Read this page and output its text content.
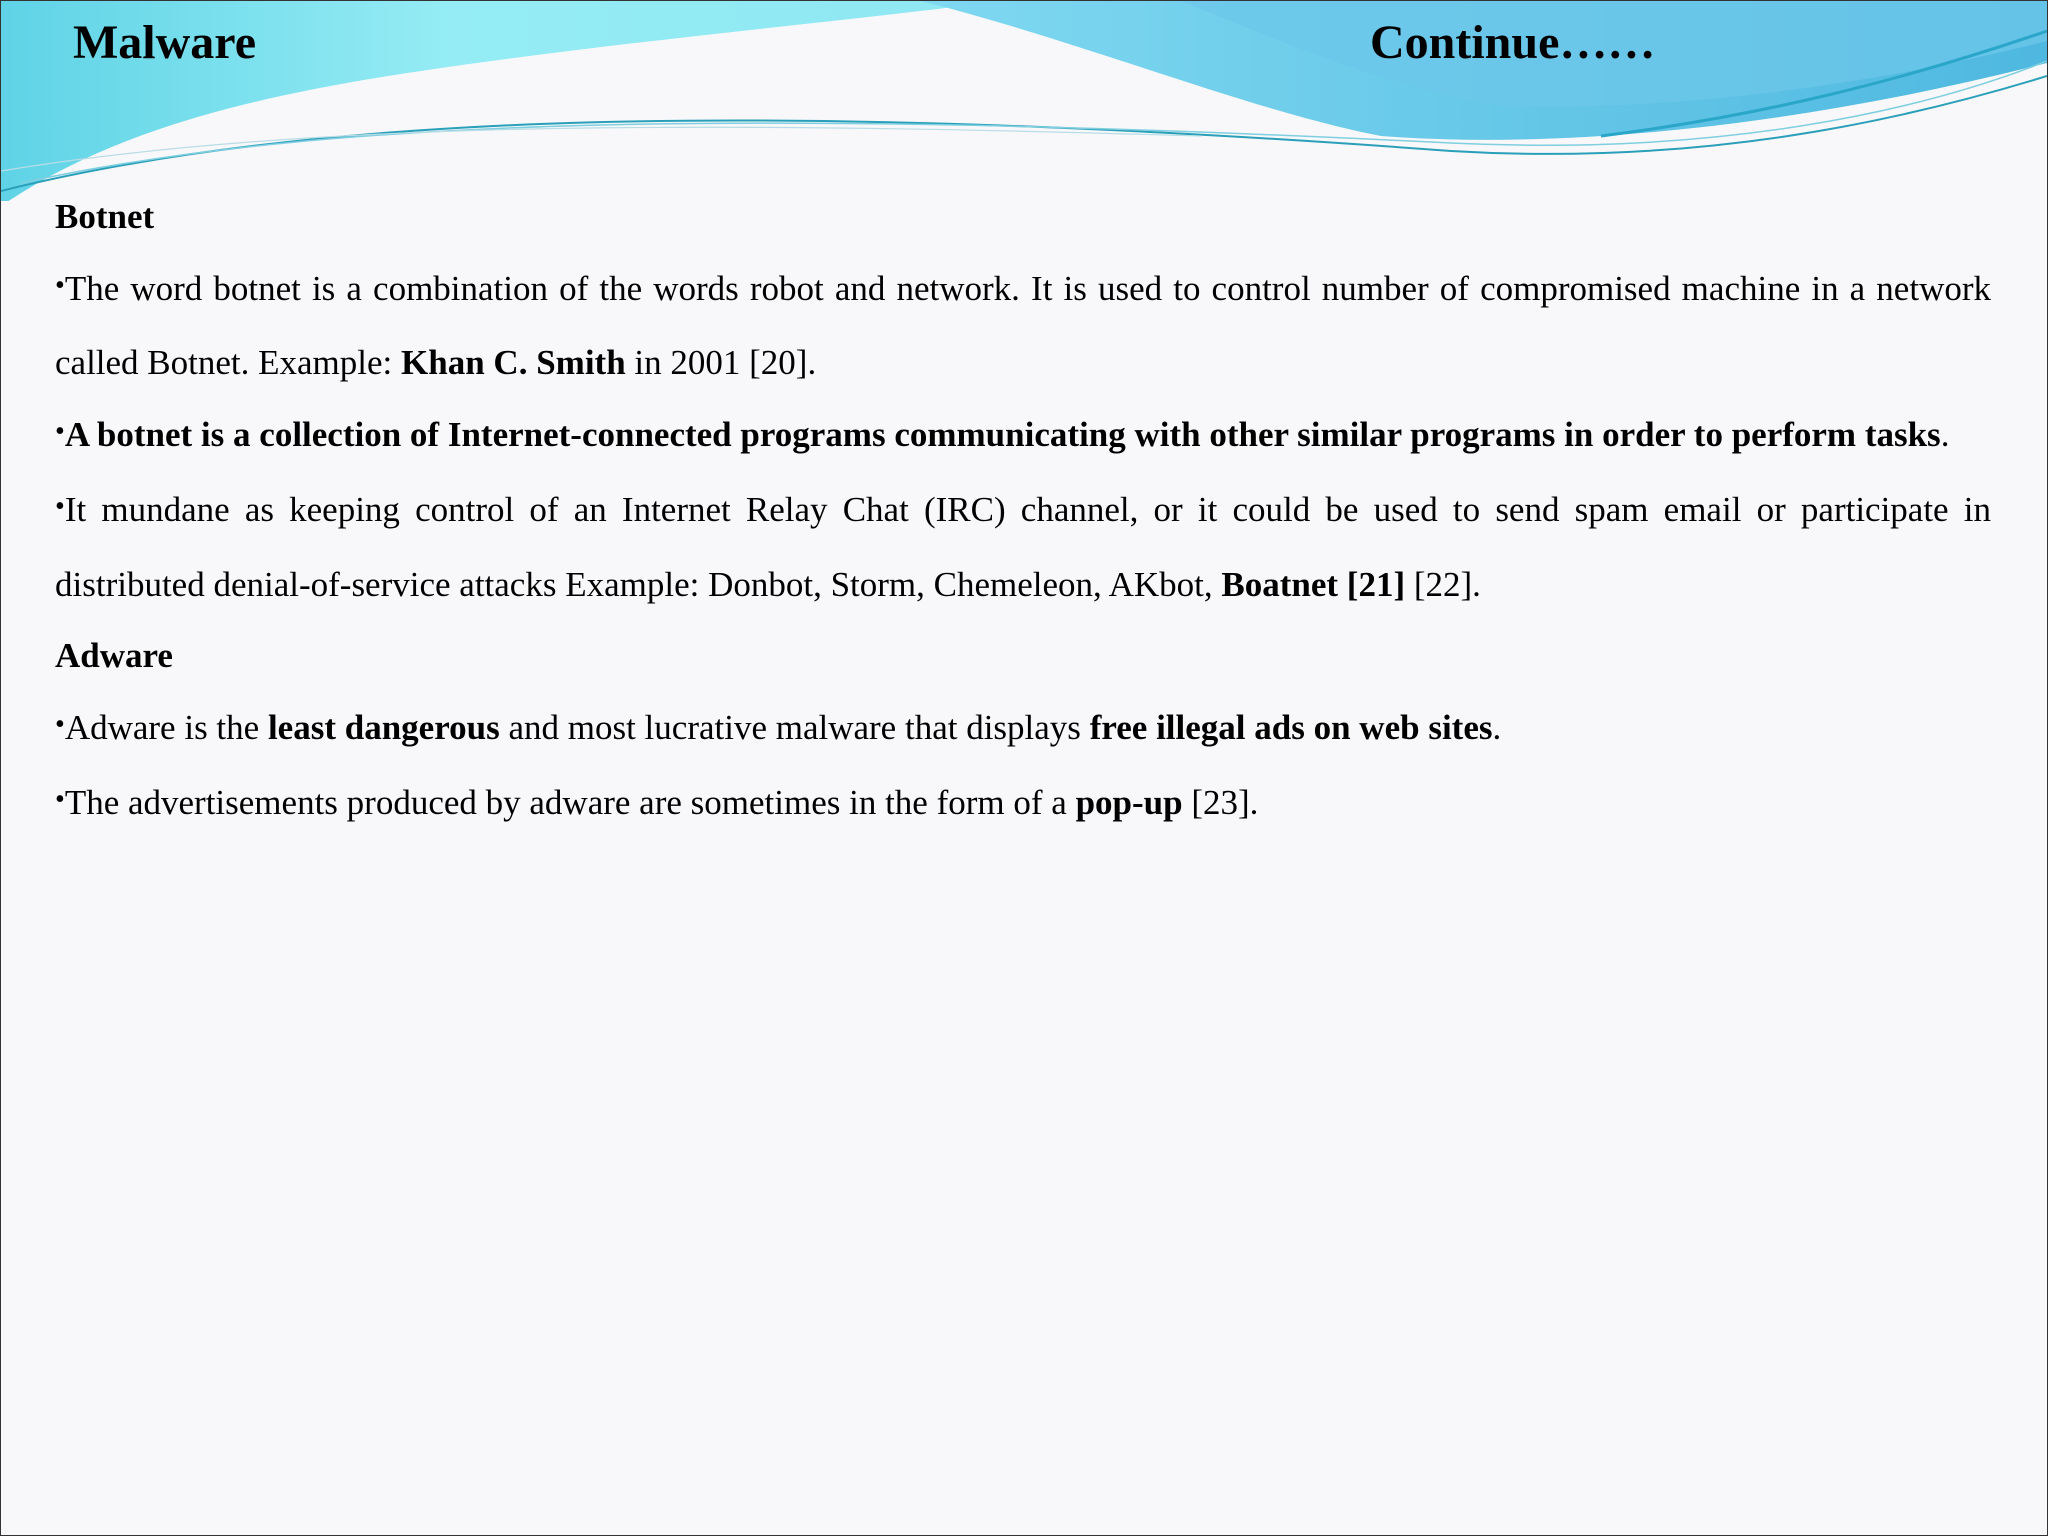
Malware	Continue……

Botnet

•The word botnet is a combination of the words robot and network. It is used to control number of compromised machine in a network called Botnet. Example: Khan C. Smith in 2001 [20].

•A botnet is a collection of Internet-connected programs communicating with other similar programs in order to perform tasks.

•It mundane as keeping control of an Internet Relay Chat (IRC) channel, or it could be used to send spam email or participate in distributed denial-of-service attacks Example: Donbot, Storm, Chemeleon, AKbot, Boatnet [21] [22].

Adware

•Adware is the least dangerous and most lucrative malware that displays free illegal ads on web sites.

•The advertisements produced by adware are sometimes in the form of a pop-up [23].
